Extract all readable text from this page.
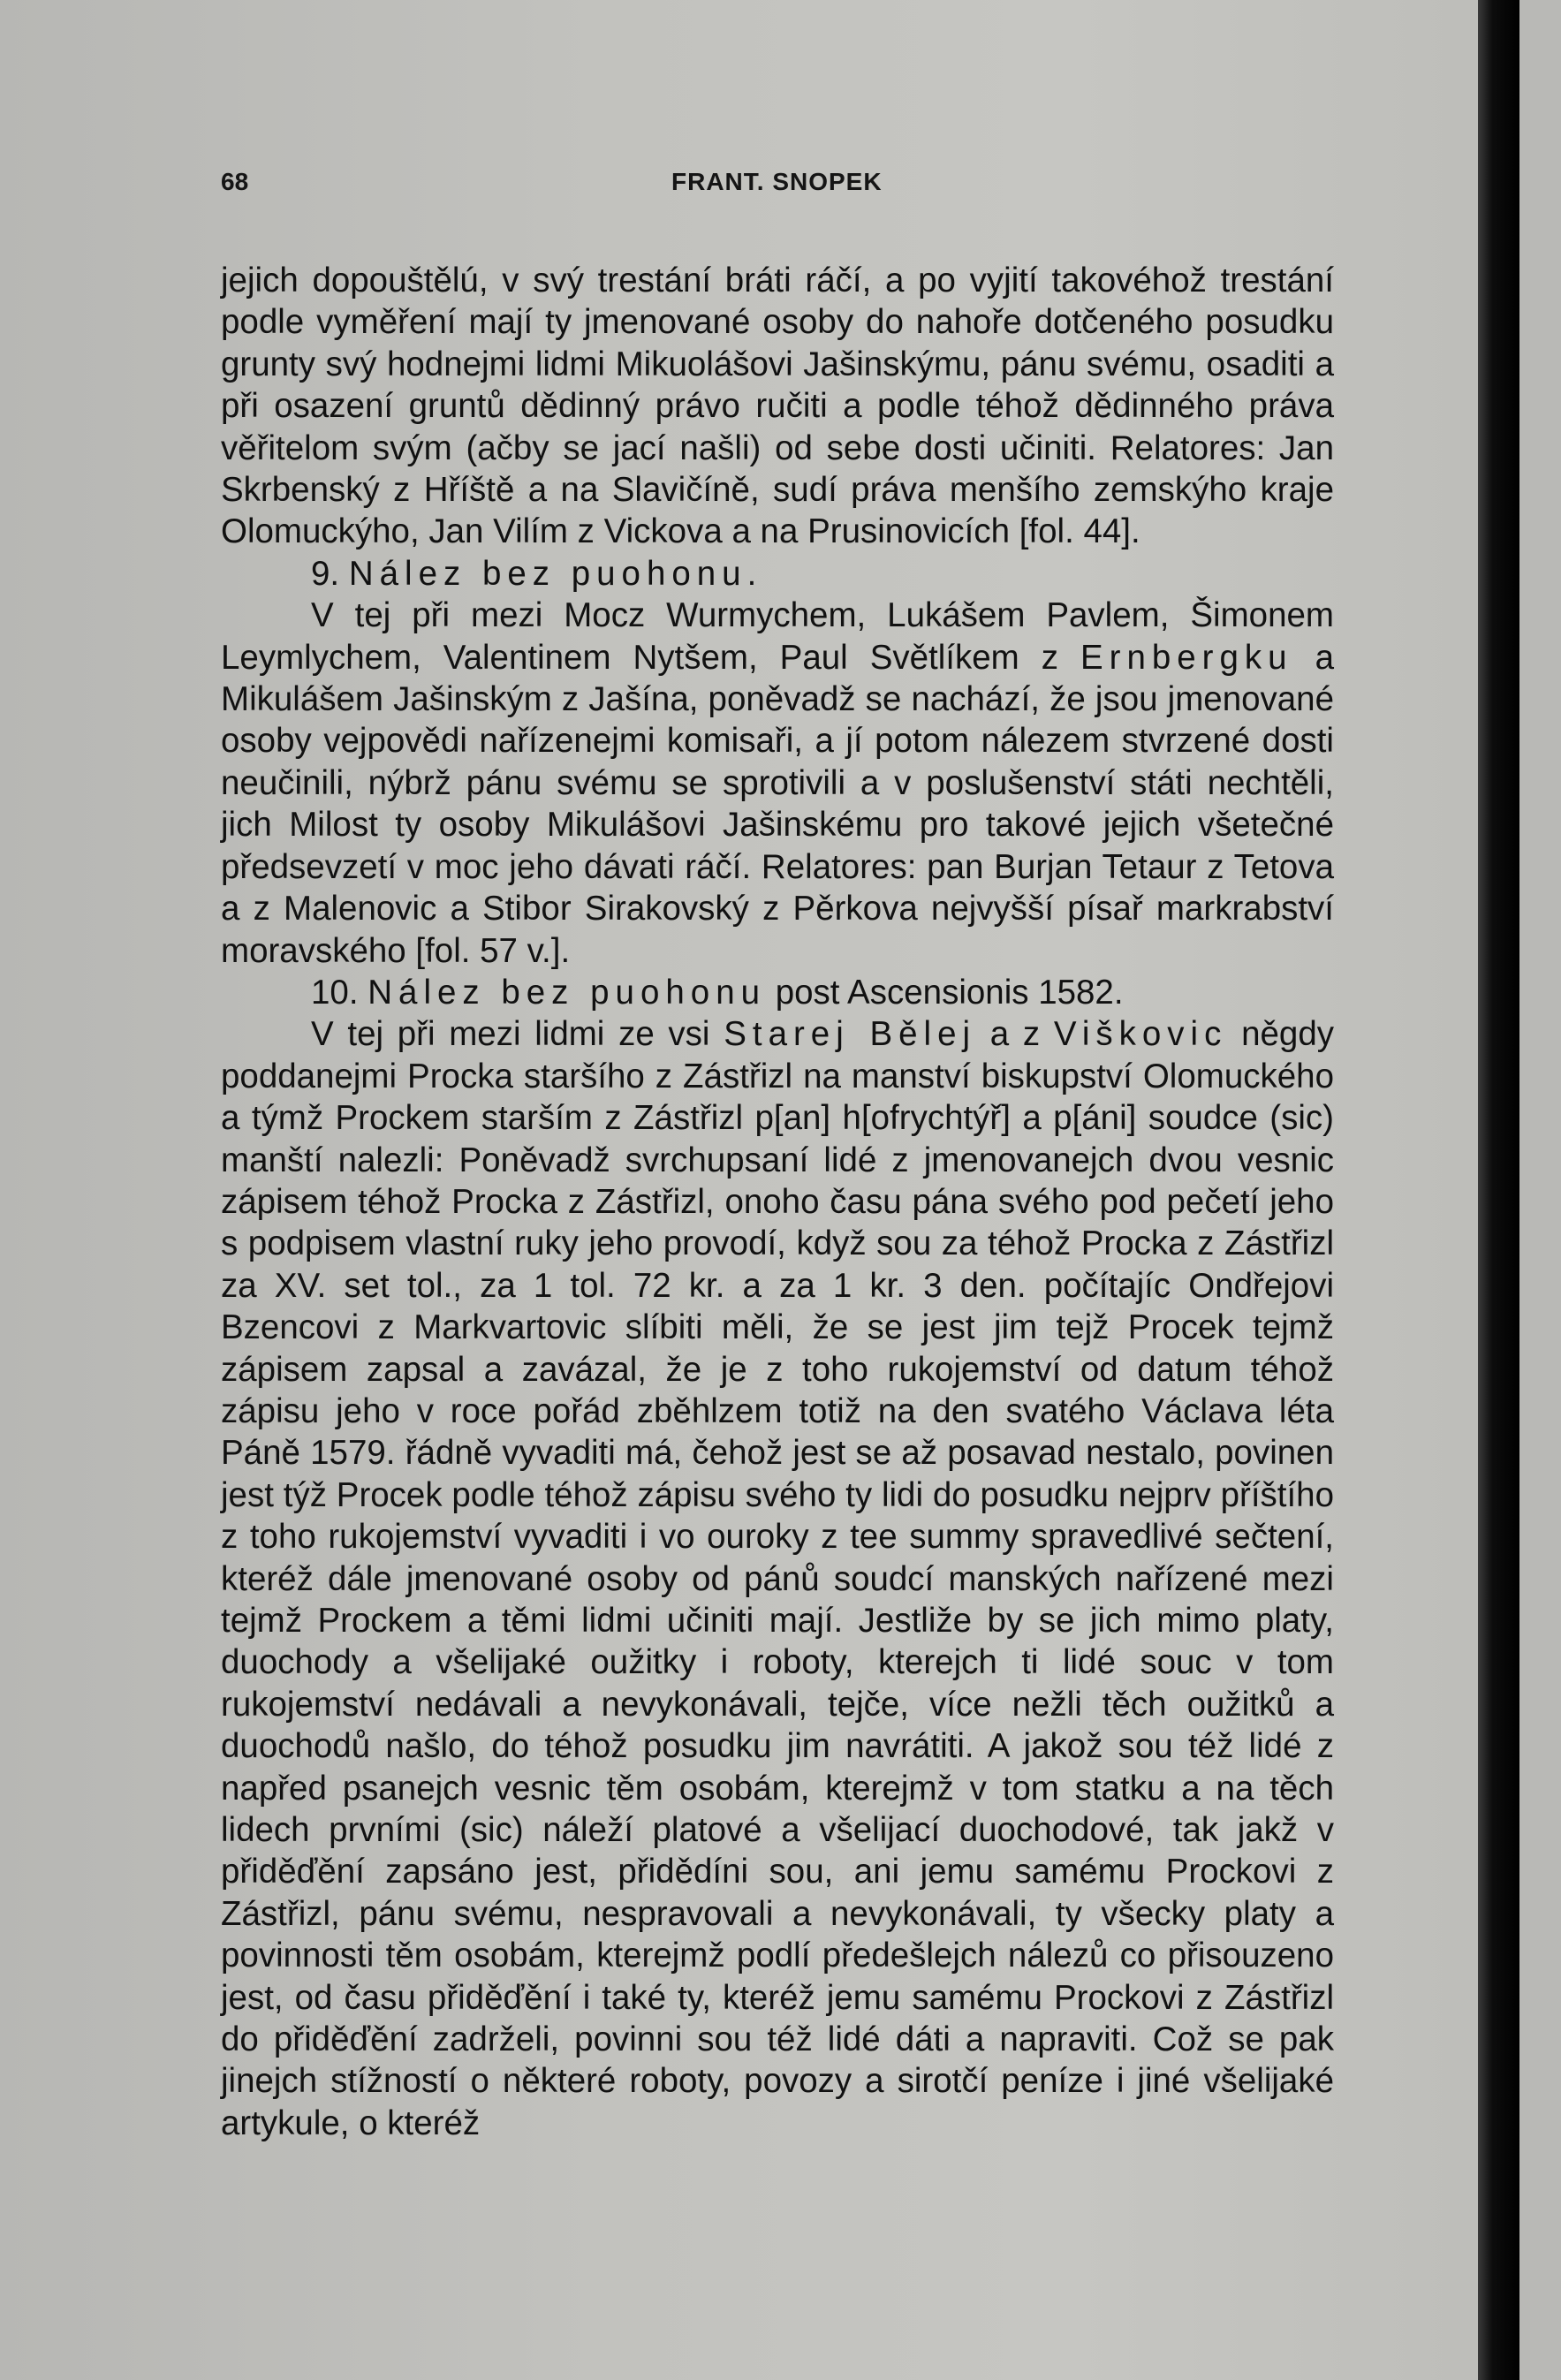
68	FRANT. SNOPEK

jejich dopouštělú, v svý trestání bráti ráčí, a po vyjití takovéhož trestání podle vyměření mají ty jmenované osoby do nahoře dotčeného posudku grunty svý hodnejmi lidmi Mikuolášovi Jašinskýmu, pánu svému, osaditi a při osazení gruntů dědinný právo ručiti a podle téhož dědinného práva věřitelom svým (ačby se jací našli) od sebe dosti učiniti. Relatores: Jan Skrbenský z Hříště a na Slavičíně, sudí práva menšího zemskýho kraje Olomuckýho, Jan Vilím z Vickova a na Prusinovicích [fol. 44].

9. Nález bez puohonu.

V tej při mezi Mocz Wurmychem, Lukášem Pavlem, Šimonem Leymlychem, Valentinem Nytšem, Paul Světlíkem z Ernbergku a Mikulášem Jašinským z Jašína, poněvadž se nachází, že jsou jmenované osoby vejpovědi nařízenejmi komisaři, a jí potom nálezem stvrzené dosti neučinili, nýbrž pánu svému se sprotivili a v poslušenství státi nechtěli, jich Milost ty osoby Mikulášovi Jašinskému pro takové jejich všetečné předsevzetí v moc jeho dávati ráčí. Relatores: pan Burjan Tetaur z Tetova a z Malenovic a Stibor Sirakovský z Pěrkova nejvyšší písař markrabství moravského [fol. 57 v.].

10. Nález bez puohonu post Ascensionis 1582.

V tej při mezi lidmi ze vsi Starej Bělej a z Viškovic něgdy poddanejmi Procka staršího z Zástřizl na manství biskupství Olomuckého a týmž Prockem starším z Zástřizl p[an] h[ofrychtýř] a p[áni] soudce (sic) manští nalezli: Poněvadž svrchupsaní lidé z jmenovanejch dvou vesnic zápisem téhož Procka z Zástřizl, onoho času pána svého pod pečetí jeho s podpisem vlastní ruky jeho provodí, když sou za téhož Procka z Zástřizl za XV. set tol., za 1 tol. 72 kr. a za 1 kr. 3 den. počítajíc Ondřejovi Bzencovi z Markvartovic slíbiti měli, že se jest jim tejž Procek tejmž zápisem zapsal a zavázal, že je z toho rukojemství od datum téhož zápisu jeho v roce pořád zběhlzem totiž na den svatého Václava léta Páně 1579. řádně vyvaditi má, čehož jest se až posavad nestalo, povinen jest týž Procek podle téhož zápisu svého ty lidi do posudku nejprv příštího z toho rukojemství vyvaditi i vo ouroky z tee summy spravedlivé sečtení, kteréž dále jmenované osoby od pánů soudcí manských nařízené mezi tejmž Prockem a těmi lidmi učiniti mají. Jestliže by se jich mimo platy, duochody a všelijaké oužitky i roboty, kterejch ti lidé souc v tom rukojemství nedávali a nevykonávali, tejče, více nežli těch oužitků a duochodů našlo, do téhož posudku jim navrátiti. A jakož sou též lidé z napřed psanejch vesnic těm osobám, kterejmž v tom statku a na těch lidech prvními (sic) náleží platové a všelijací duochodové, tak jakž v přiděďění zapsáno jest, přidědíni sou, ani jemu samému Prockovi z Zástřizl, pánu svému, nespravovali a nevykonávali, ty všecky platy a povinnosti těm osobám, kterejmž podlí předešlejch nálezů co přisouzeno jest, od času přiděďění i také ty, kteréž jemu samému Prockovi z Zástřizl do přiděďění zadrželi, povinni sou též lidé dáti a napraviti. Což se pak jinejch stížností o některé roboty, povozy a sirotčí peníze i jiné všelijaké artykule, o kteréž
